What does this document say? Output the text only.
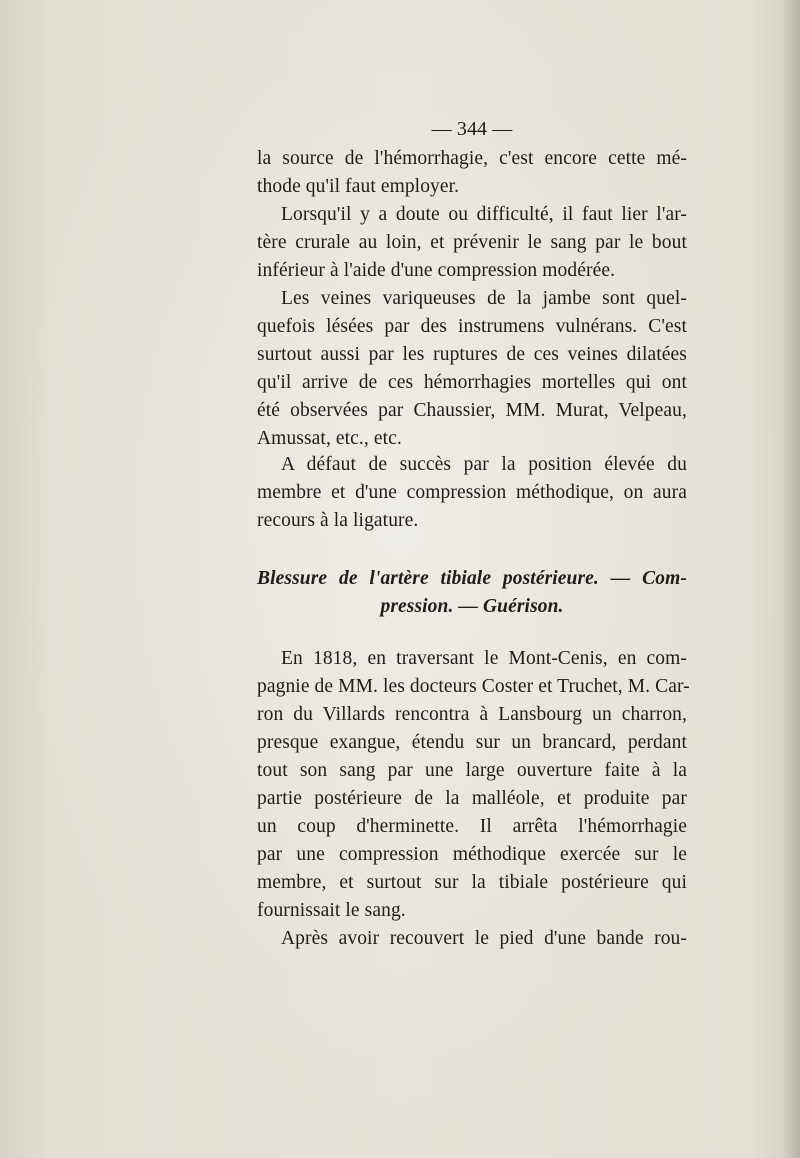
— 344 —
la source de l'hémorrhagie, c'est encore cette mé-
thode qu'il faut employer.
Lorsqu'il y a doute ou difficulté, il faut lier l'ar-
tère crurale au loin, et prévenir le sang par le bout
inférieur à l'aide d'une compression modérée.
Les veines variqueuses de la jambe sont quel-
quefois lésées par des instrumens vulnérans. C'est
surtout aussi par les ruptures de ces veines dilatées
qu'il arrive de ces hémorrhagies mortelles qui ont
été observées par Chaussier, MM. Murat, Velpeau,
Amussat, etc., etc.
A défaut de succès par la position élevée du
membre et d'une compression méthodique, on aura
recours à la ligature.
Blessure de l'artère tibiale postérieure. — Com-
pression. — Guérison.
En 1818, en traversant le Mont-Cenis, en com-
pagnie de MM. les docteurs Coster et Truchet, M. Car-
ron du Villards rencontra à Lansbourg un charron,
presque exangue, étendu sur un brancard, perdant
tout son sang par une large ouverture faite à la
partie postérieure de la malléole, et produite par
un coup d'herminette. Il arrêta l'hémorrhagie
par une compression méthodique exercée sur le
membre, et surtout sur la tibiale postérieure qui
fournissait le sang.
Après avoir recouvert le pied d'une bande rou-
